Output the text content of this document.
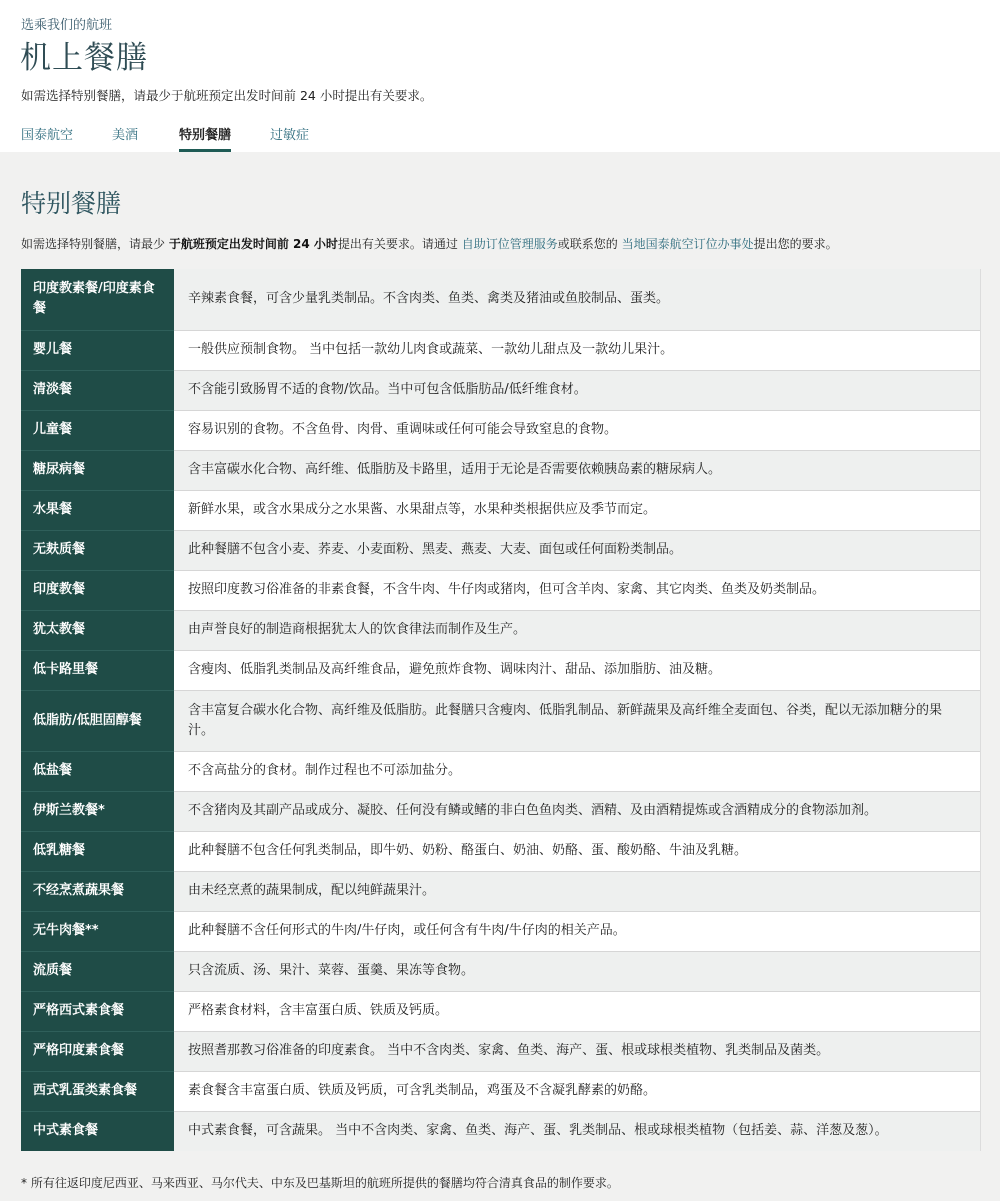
选乘我们的航班
机上餐膳
如需选择特别餐膳，请最少于航班预定出发时间前 24 小时提出有关要求。
国泰航空	美酒	特别餐膳	过敏症
特别餐膳
如需选择特别餐膳，请最少 于航班预定出发时间前 24 小时提出有关要求。请通过 自助订位管理服务或联系您的 当地国泰航空订位办事处提出您的要求。
印度教素餐/印度素食餐	辛辣素食餐，可含少量乳类制品。不含肉类、鱼类、禽类及猪油或鱼胶制品、蛋类。
婴儿餐	一般供应预制食物。 当中包括一款幼儿肉食或蔬菜、一款幼儿甜点及一款幼儿果汁。
清淡餐	不含能引致肠胃不适的食物/饮品。当中可包含低脂肪品/低纤维食材。
儿童餐	容易识别的食物。不含鱼骨、肉骨、重调味或任何可能会导致窒息的食物。
糖尿病餐	含丰富碳水化合物、高纤维、低脂肪及卡路里，适用于无论是否需要依赖胰岛素的糖尿病人。
水果餐	新鲜水果，或含水果成分之水果酱、水果甜点等，水果种类根据供应及季节而定。
无麸质餐	此种餐膳不包含小麦、荞麦、小麦面粉、黑麦、燕麦、大麦、面包或任何面粉类制品。
印度教餐	按照印度教习俗准备的非素食餐，不含牛肉、牛仔肉或猪肉，但可含羊肉、家禽、其它肉类、鱼类及奶类制品。
犹太教餐	由声誉良好的制造商根据犹太人的饮食律法而制作及生产。
低卡路里餐	含瘦肉、低脂乳类制品及高纤维食品，避免煎炸食物、调味肉汁、甜品、添加脂肪、油及糖。
低脂肪/低胆固醇餐	含丰富复合碳水化合物、高纤维及低脂肪。此餐膳只含瘦肉、低脂乳制品、新鲜蔬果及高纤维全麦面包、谷类，配以无添加糖分的果汁。
低盐餐	不含高盐分的食材。制作过程也不可添加盐分。
伊斯兰教餐*	不含猪肉及其副产品或成分、凝胶、任何没有鳞或鳍的非白色鱼肉类、酒精、及由酒精提炼或含酒精成分的食物添加剂。
低乳糖餐	此种餐膳不包含任何乳类制品，即牛奶、奶粉、酪蛋白、奶油、奶酪、蛋、酸奶酪、牛油及乳糖。
不经烹煮蔬果餐	由未经烹煮的蔬果制成，配以纯鲜蔬果汁。
无牛肉餐**	此种餐膳不含任何形式的牛肉/牛仔肉，或任何含有牛肉/牛仔肉的相关产品。
流质餐	只含流质、汤、果汁、菜蓉、蛋羹、果冻等食物。
严格西式素食餐	严格素食材料，含丰富蛋白质、铁质及钙质。
严格印度素食餐	按照耆那教习俗准备的印度素食。 当中不含肉类、家禽、鱼类、海产、蛋、根或球根类植物、乳类制品及菌类。
西式乳蛋类素食餐	素食餐含丰富蛋白质、铁质及钙质，可含乳类制品，鸡蛋及不含凝乳酵素的奶酪。
中式素食餐	中式素食餐，可含蔬果。 当中不含肉类、家禽、鱼类、海产、蛋、乳类制品、根或球根类植物（包括姜、蒜、洋葱及葱）。
* 所有往返印度尼西亚、马来西亚、马尔代夫、中东及巴基斯坦的航班所提供的餐膳均符合清真食品的制作要求。
